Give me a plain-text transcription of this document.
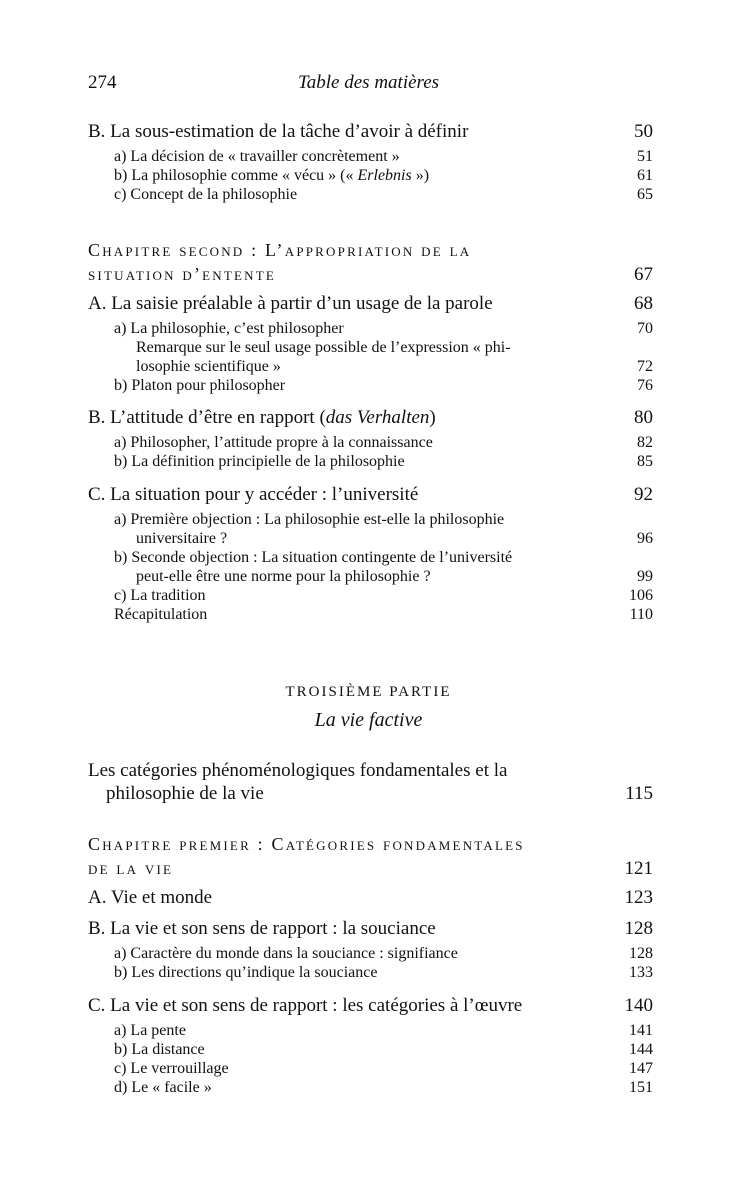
274	Table des matières
B. La sous-estimation de la tâche d’avoir à définir	50
a) La décision de « travailler concrètement »	51
b) La philosophie comme « vécu » (« Erlebnis »)	61
c) Concept de la philosophie	65
Chapitre second : L’appropriation de la
situation d’entente	67
A. La saisie préalable à partir d’un usage de la parole	68
a) La philosophie, c’est philosopher	70
Remarque sur le seul usage possible de l’expression « phi-
losophie scientifique »	72
b) Platon pour philosopher	76
B. L’attitude d’être en rapport (das Verhalten)	80
a) Philosopher, l’attitude propre à la connaissance	82
b) La définition principielle de la philosophie	85
C. La situation pour y accéder : l’université	92
a) Première objection : La philosophie est-elle la philosophie
universitaire ?	96
b) Seconde objection : La situation contingente de l’université
peut-elle être une norme pour la philosophie ?	99
c) La tradition	106
Récapitulation	110
TROISIÈME PARTIE
La vie factive
Les catégories phénoménologiques fondamentales et la
philosophie de la vie	115
Chapitre premier : Catégories fondamentales
de la vie	121
A. Vie et monde	123
B. La vie et son sens de rapport : la souciance	128
a) Caractère du monde dans la souciance : signifiance	128
b) Les directions qu’indique la souciance	133
C. La vie et son sens de rapport : les catégories à l’œuvre	140
a) La pente	141
b) La distance	144
c) Le verrouillage	147
d) Le « facile »	151
